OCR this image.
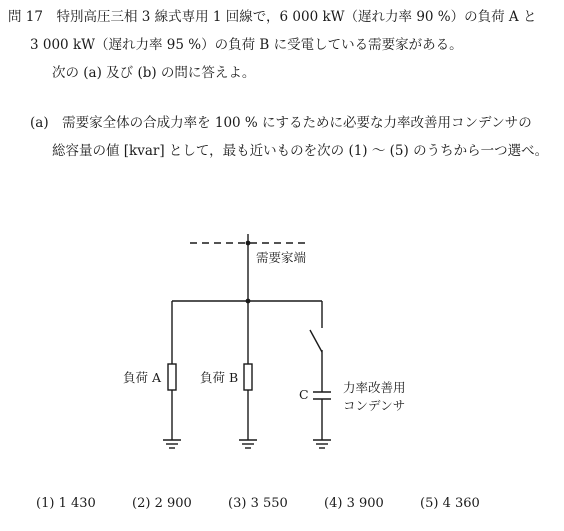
問 17　特別高圧三相 3 線式専用 1 回線で，6 000 kW（遅れ力率 90 %）の負荷 A と
3 000 kW（遅れ力率 95 %）の負荷 B に受電している需要家がある。
次の (a) 及び (b) の問に答えよ。
(a)　需要家全体の合成力率を 100 % にするために必要な力率改善用コンデンサの
総容量の値 [kvar] として，最も近いものを次の (1) ～ (5) のうちから一つ選べ。
需要家端
負荷 A	負荷 B
C	力率改善用
コンデンサ
(1) 1 430	(2) 2 900	(3) 3 550	(4) 3 900	(5) 4 360
